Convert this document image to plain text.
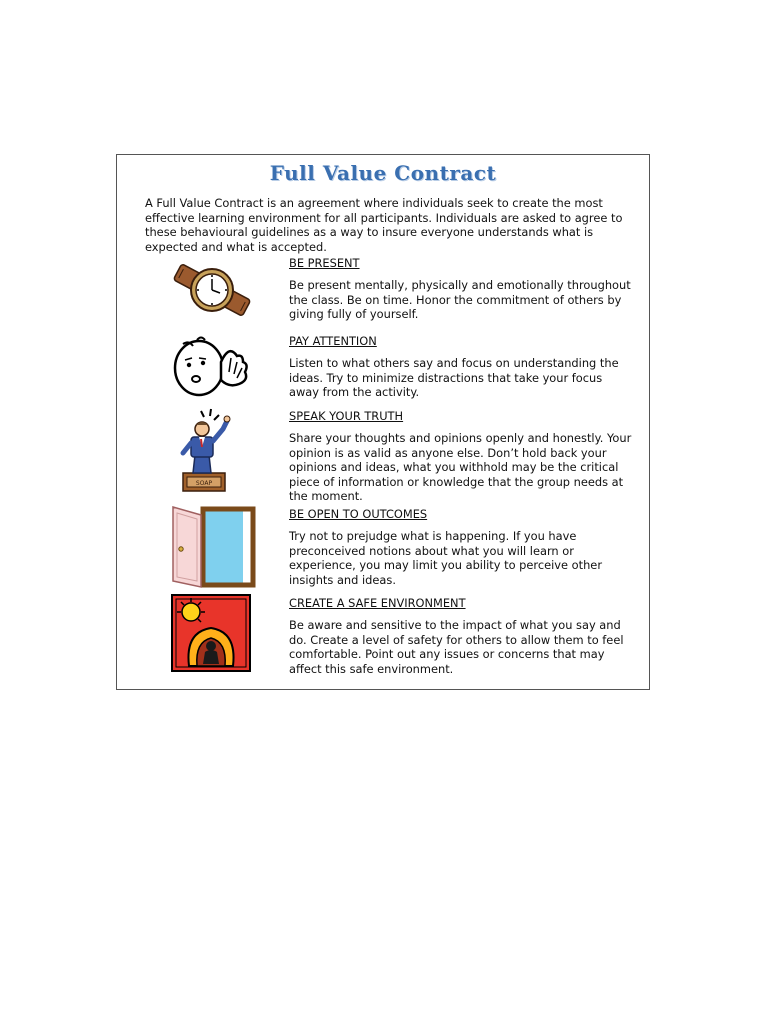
Full Value Contract

A Full Value Contract is an agreement where individuals seek to create the most effective learning environment for all participants. Individuals are asked to agree to these behavioural guidelines as a way to insure everyone understands what is expected and what is accepted.

BE PRESENT

Be present mentally, physically and emotionally throughout the class. Be on time. Honor the commitment of others by giving fully of yourself.

PAY ATTENTION

Listen to what others say and focus on understanding the ideas. Try to minimize distractions that take your focus away from the activity.

SOAP
SPEAK YOUR TRUTH

Share your thoughts and opinions openly and honestly. Your opinion is as valid as anyone else. Don’t hold back your opinions and ideas, what you withhold may be the critical piece of information or knowledge that the group needs at the moment.

BE OPEN TO OUTCOMES

Try not to prejudge what is happening. If you have preconceived notions about what you will learn or experience, you may limit you ability to perceive other insights and ideas.

CREATE A SAFE ENVIRONMENT

Be aware and sensitive to the impact of what you say and do. Create a level of safety for others to allow them to feel comfortable. Point out any issues or concerns that may affect this safe environment.
